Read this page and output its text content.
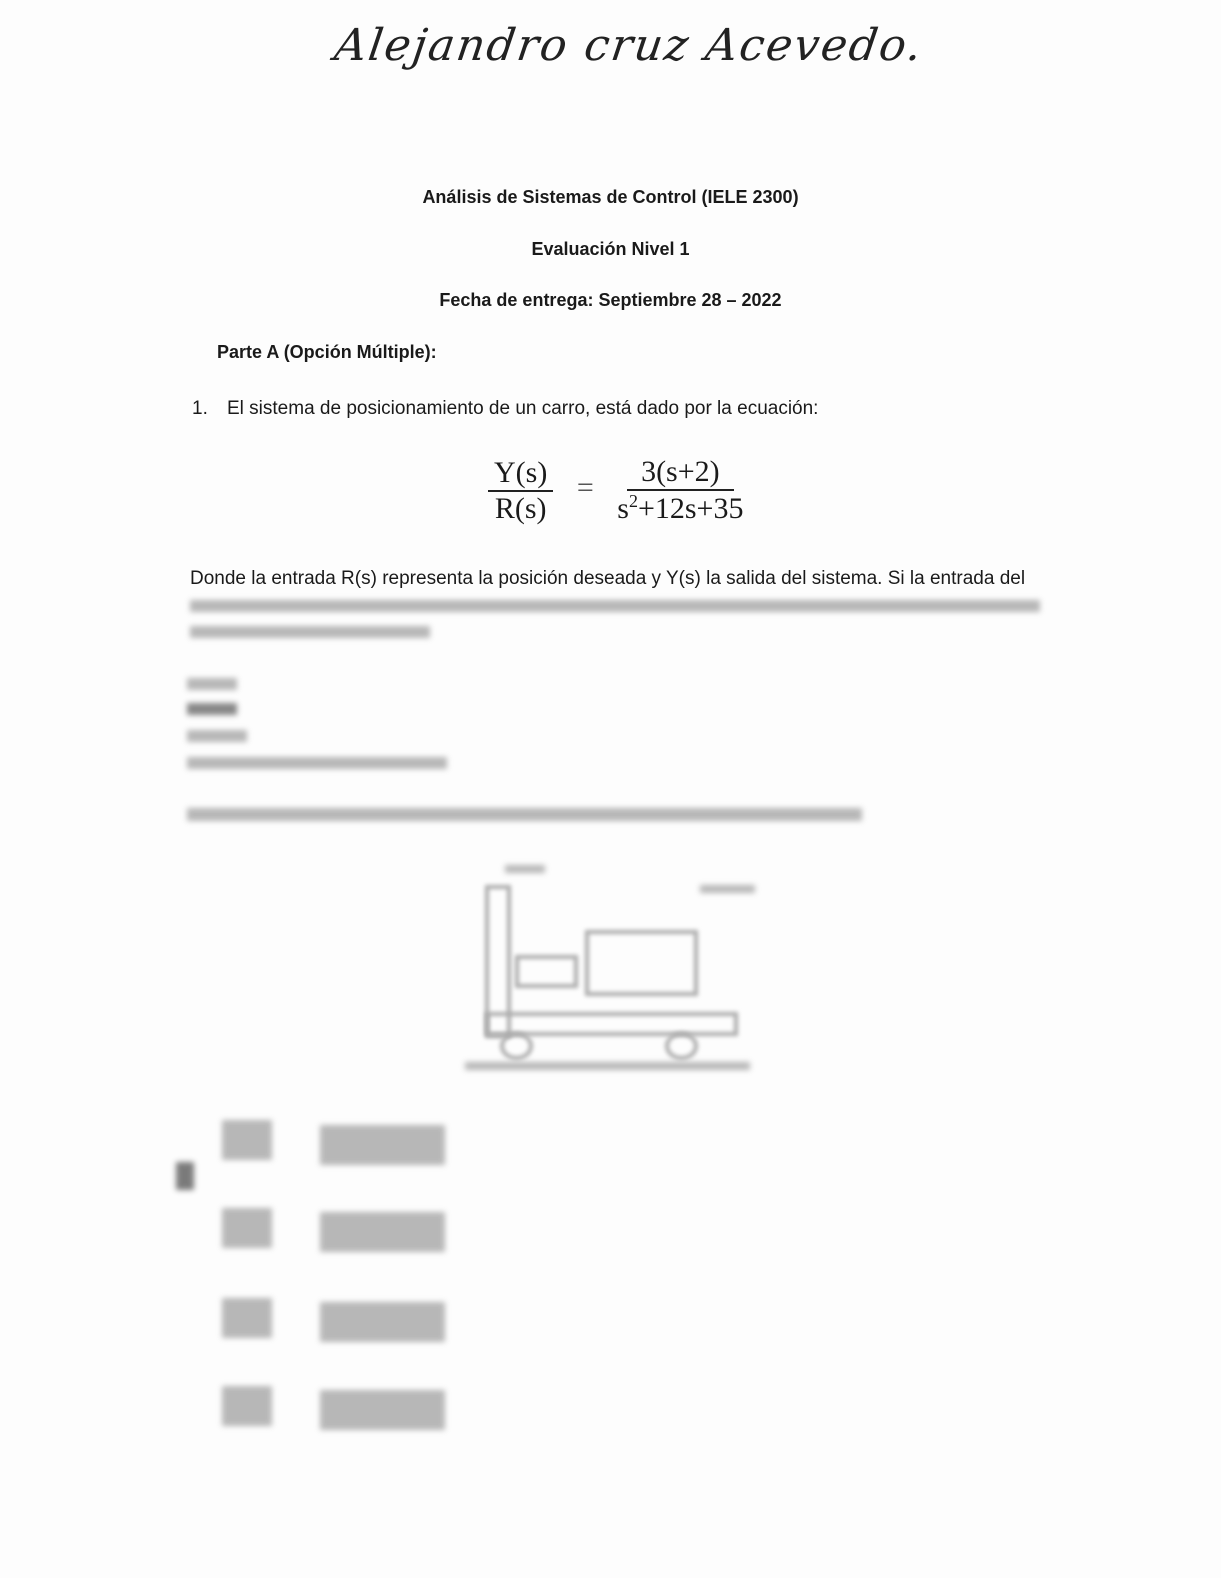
Alejandro cruz Acevedo.
Análisis de Sistemas de Control (IELE 2300)
Evaluación Nivel 1
Fecha de entrega: Septiembre 28 – 2022
Parte A (Opción Múltiple):
1. El sistema de posicionamiento de un carro, está dado por la ecuación:
$\frac{Y(s)}{R(s)} = \frac{3(s+2)}{s^2+12s+35}$
Donde la entrada R(s) representa la posición deseada y Y(s) la salida del sistema. Si la entrada del
